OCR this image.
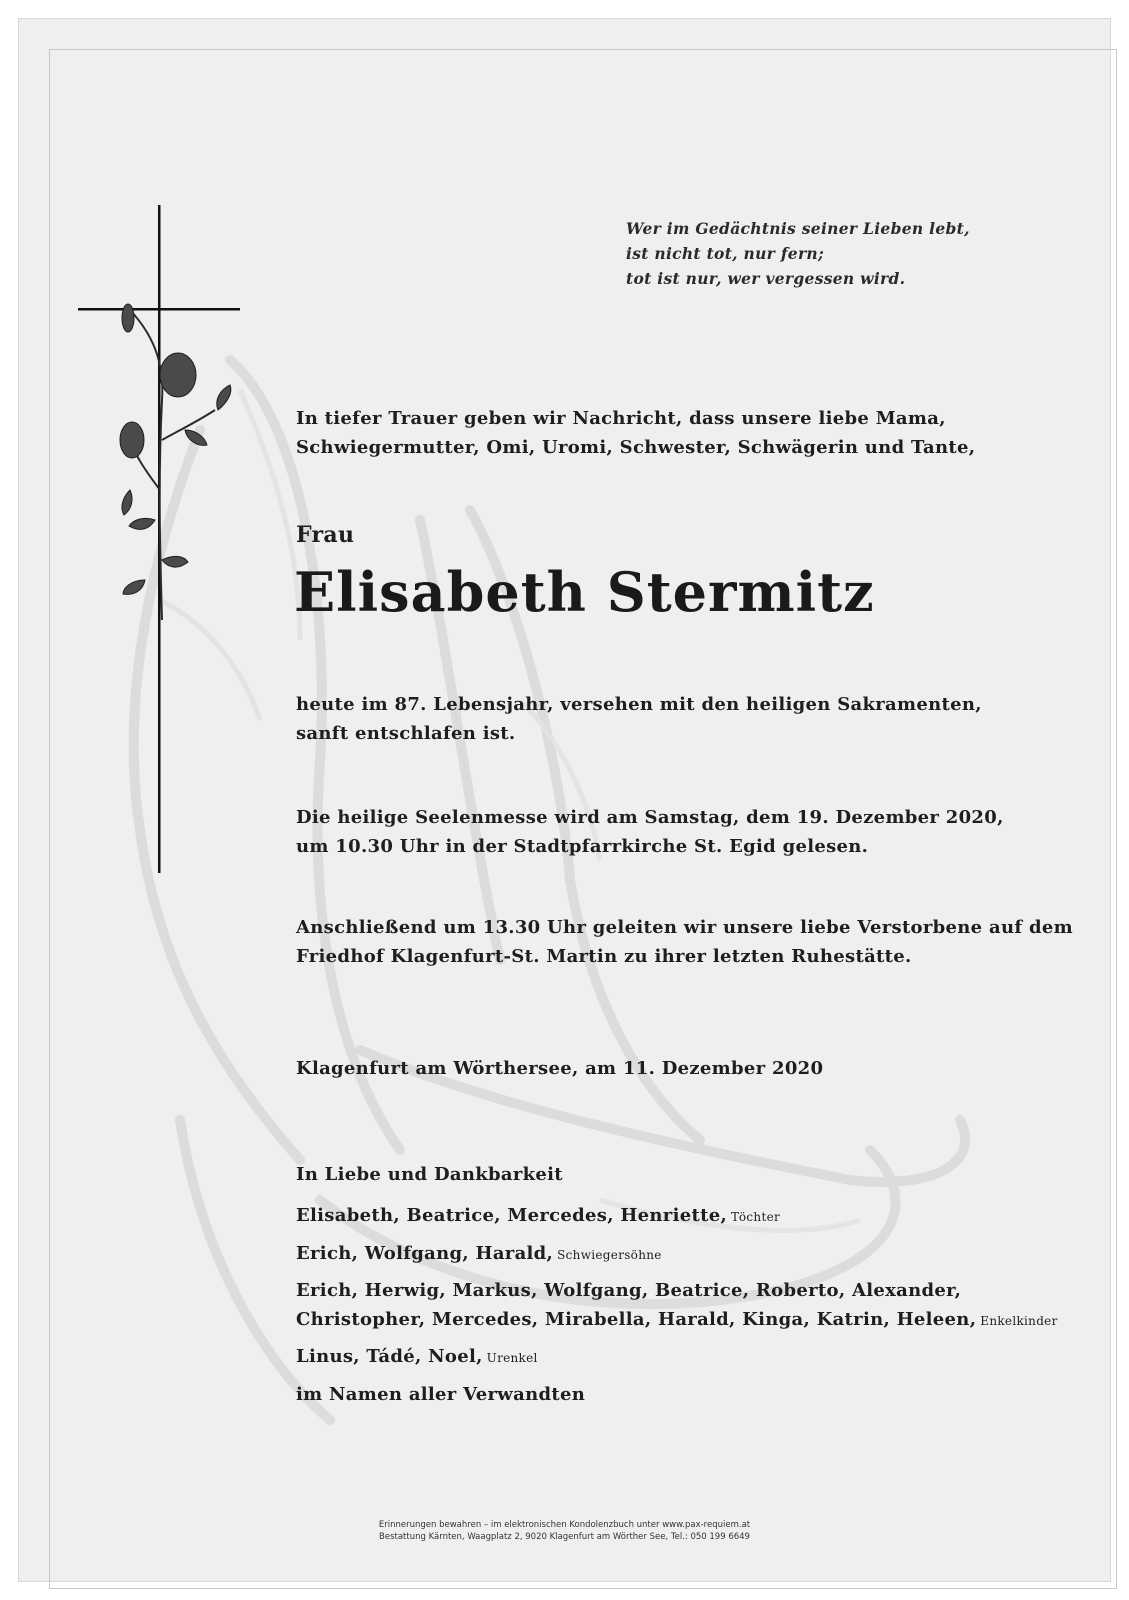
Wer im Gedächtnis seiner Lieben lebt,
ist nicht tot, nur fern;
tot ist nur, wer vergessen wird.
In tiefer Trauer geben wir Nachricht, dass unsere liebe Mama,
Schwiegermutter, Omi, Uromi, Schwester, Schwägerin und Tante,
Frau
Elisabeth Stermitz
heute im 87. Lebensjahr, versehen mit den heiligen Sakramenten,
sanft entschlafen ist.
Die heilige Seelenmesse wird am Samstag, dem 19. Dezember 2020,
um 10.30 Uhr in der Stadtpfarrkirche St. Egid gelesen.
Anschließend um 13.30 Uhr geleiten wir unsere liebe Verstorbene auf dem
Friedhof Klagenfurt-St. Martin zu ihrer letzten Ruhestätte.
Klagenfurt am Wörthersee, am 11. Dezember 2020
In Liebe und Dankbarkeit
Elisabeth, Beatrice, Mercedes, Henriette, Töchter
Erich, Wolfgang, Harald, Schwiegersöhne
Erich, Herwig, Markus, Wolfgang, Beatrice, Roberto, Alexander,
Christopher, Mercedes, Mirabella, Harald, Kinga, Katrin, Heleen, Enkelkinder
Linus, Tádé, Noel, Urenkel
im Namen aller Verwandten
Erinnerungen bewahren – im elektronischen Kondolenzbuch unter www.pax-requiem.at
Bestattung Kärnten, Waagplatz 2, 9020 Klagenfurt am Wörther See, Tel.: 050 199 6649
